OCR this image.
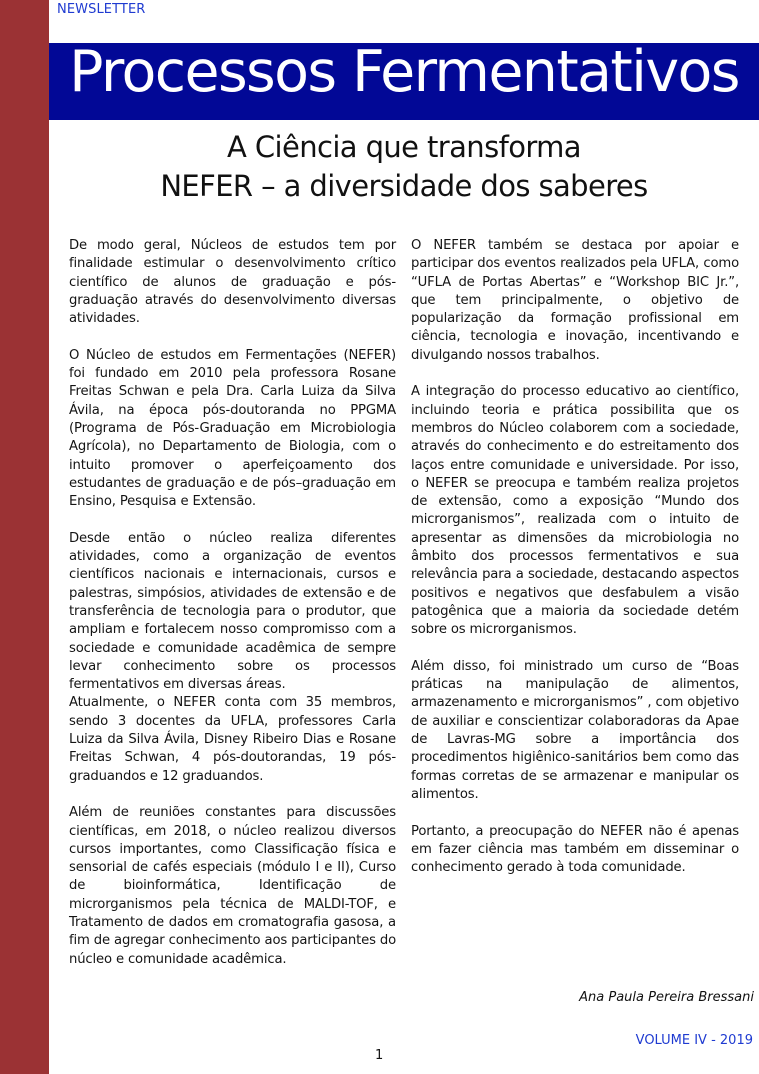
NEWSLETTER
Processos Fermentativos
A Ciência que transforma
NEFER – a diversidade dos saberes

De modo geral, Núcleos de estudos tem por finalidade estimular o desenvolvimento crítico científico de alunos de graduação e pós-graduação através do desenvolvimento diversas atividades.

O Núcleo de estudos em Fermentações (NEFER) foi fundado em 2010 pela professora Rosane Freitas Schwan e pela Dra. Carla Luiza da Silva Ávila, na época pós-doutoranda no PPGMA (Programa de Pós-Graduação em Microbiologia Agrícola), no Departamento de Biologia, com o intuito promover o aperfeiçoamento dos estudantes de graduação e de pós–graduação em Ensino, Pesquisa e Extensão.

Desde então o núcleo realiza diferentes atividades, como a organização de eventos científicos nacionais e internacionais, cursos e palestras, simpósios, atividades de extensão e de transferência de tecnologia para o produtor, que ampliam e fortalecem nosso compromisso com a sociedade e comunidade acadêmica de sempre levar conhecimento sobre os processos fermentativos em diversas áreas.

Atualmente, o NEFER conta com 35 membros, sendo 3 docentes da UFLA, professores Carla Luiza da Silva Ávila, Disney Ribeiro Dias e Rosane Freitas Schwan, 4 pós-doutorandas, 19 pós-graduandos e 12 graduandos.

Além de reuniões constantes para discussões científicas, em 2018, o núcleo realizou diversos cursos importantes, como Classificação física e sensorial de cafés especiais (módulo I e II), Curso de bioinformática, Identificação de microrganismos pela técnica de MALDI-TOF, e Tratamento de dados em cromatografia gasosa, a fim de agregar conhecimento aos participantes do núcleo e comunidade acadêmica.

O NEFER também se destaca por apoiar e participar dos eventos realizados pela UFLA, como “UFLA de Portas Abertas” e “Workshop BIC Jr.”, que tem principalmente, o objetivo de popularização da formação profissional em ciência, tecnologia e inovação, incentivando e divulgando nossos trabalhos.

A integração do processo educativo ao científico, incluindo teoria e prática possibilita que os membros do Núcleo colaborem com a sociedade, através do conhecimento e do estreitamento dos laços entre comunidade e universidade. Por isso, o NEFER se preocupa e também realiza projetos de extensão, como a exposição “Mundo dos microrganismos”, realizada com o intuito de apresentar as dimensões da microbiologia no âmbito dos processos fermentativos e sua relevância para a sociedade, destacando aspectos positivos e negativos que desfabulem a visão patogênica que a maioria da sociedade detém sobre os microrganismos.

Além disso, foi ministrado um curso de “Boas práticas na manipulação de alimentos, armazenamento e microrganismos” , com objetivo de auxiliar e conscientizar colaboradoras da Apae de Lavras-MG sobre a importância dos procedimentos higiênico-sanitários bem como das formas corretas de se armazenar e manipular os alimentos.

Portanto, a preocupação do NEFER não é apenas em fazer ciência mas também em disseminar o conhecimento gerado à toda comunidade.

Ana Paula Pereira Bressani
VOLUME IV - 2019
1
